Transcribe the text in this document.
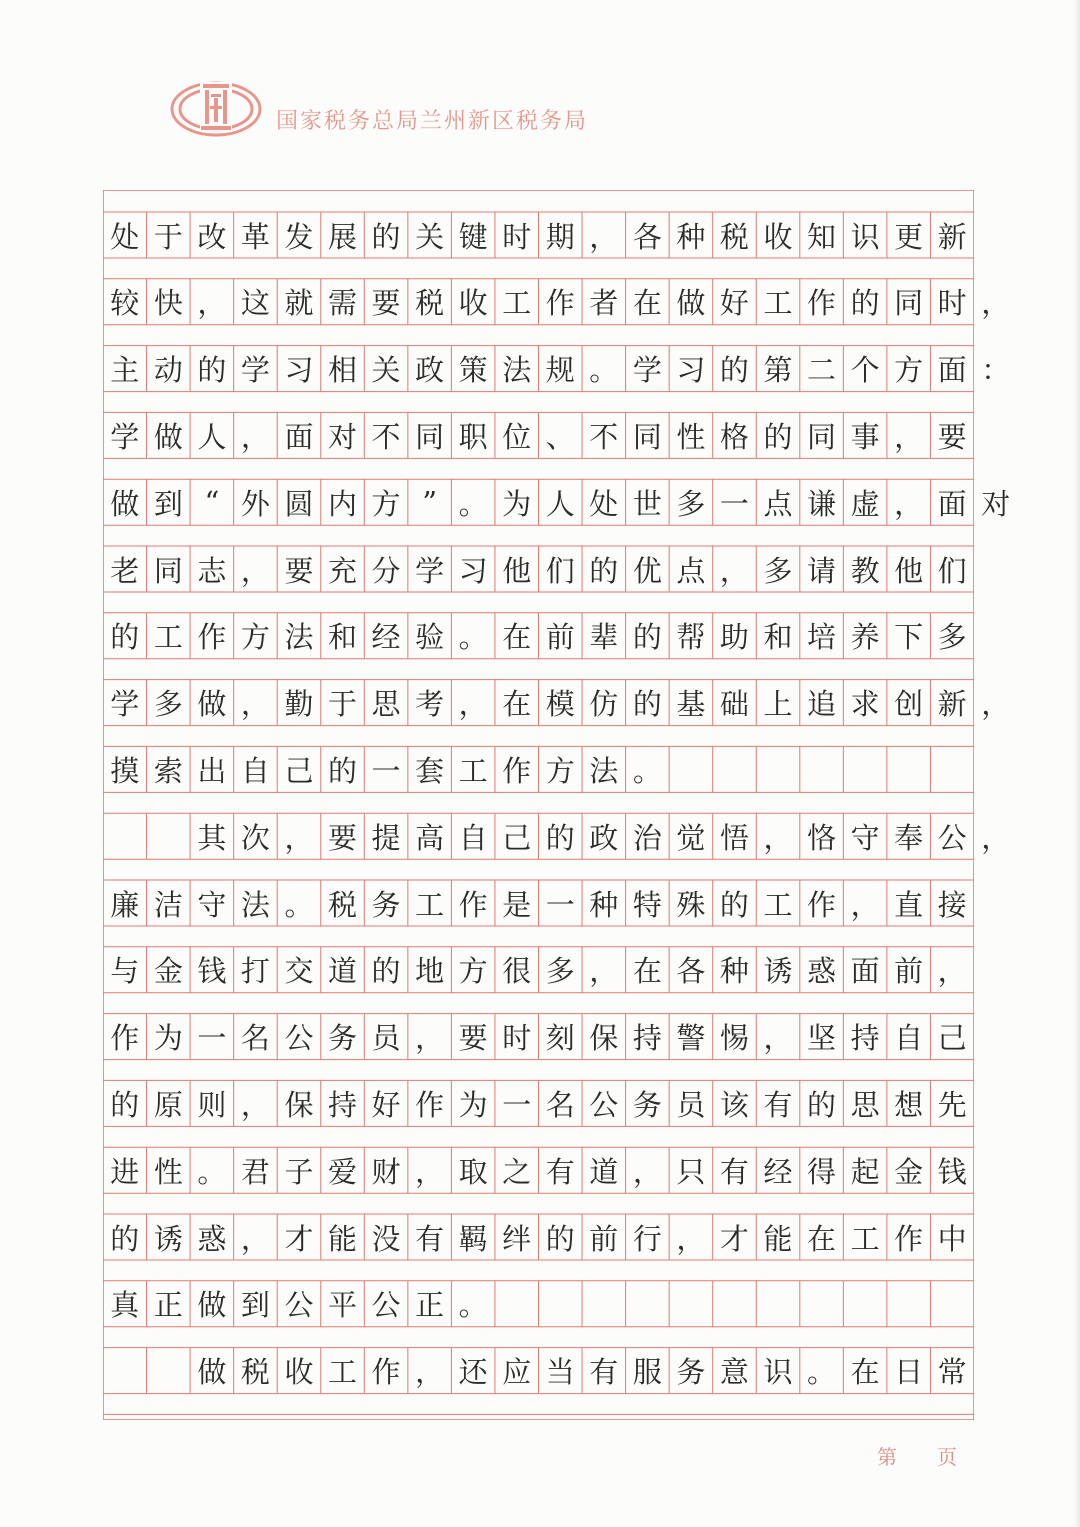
国家税务总局兰州新区税务局
处 于 改 革 发 展 的 关 键 时 期 ， 各 种 税 收 知 识 更 新
较 快 ， 这 就 需 要 税 收 工 作 者 在 做 好 工 作 的 同 时 ，
主 动 的 学 习 相 关 政 策 法 规 。 学 习 的 第 二 个 方 面 ：
学 做 人 ， 面 对 不 同 职 位 、 不 同 性 格 的 同 事 ， 要
做 到 “ 外 圆 内 方 ” 。 为 人 处 世 多 一 点 谦 虚 ， 面 对
老 同 志 ， 要 充 分 学 习 他 们 的 优 点 ， 多 请 教 他 们
的 工 作 方 法 和 经 验 。 在 前 辈 的 帮 助 和 培 养 下 多
学 多 做 ， 勤 于 思 考 ， 在 模 仿 的 基 础 上 追 求 创 新 ，
摸 索 出 自 己 的 一 套 工 作 方 法 。
其 次 ， 要 提 高 自 己 的 政 治 觉 悟 ， 恪 守 奉 公 ，
廉 洁 守 法 。 税 务 工 作 是 一 种 特 殊 的 工 作 ， 直 接
与 金 钱 打 交 道 的 地 方 很 多 ， 在 各 种 诱 惑 面 前 ，
作 为 一 名 公 务 员 ， 要 时 刻 保 持 警 惕 ， 坚 持 自 己
的 原 则 ， 保 持 好 作 为 一 名 公 务 员 该 有 的 思 想 先
进 性 。 君 子 爱 财 ， 取 之 有 道 ， 只 有 经 得 起 金 钱
的 诱 惑 ， 才 能 没 有 羁 绊 的 前 行 ， 才 能 在 工 作 中
真 正 做 到 公 平 公 正 。
做 税 收 工 作 ， 还 应 当 有 服 务 意 识 。 在 日 常
第 页
